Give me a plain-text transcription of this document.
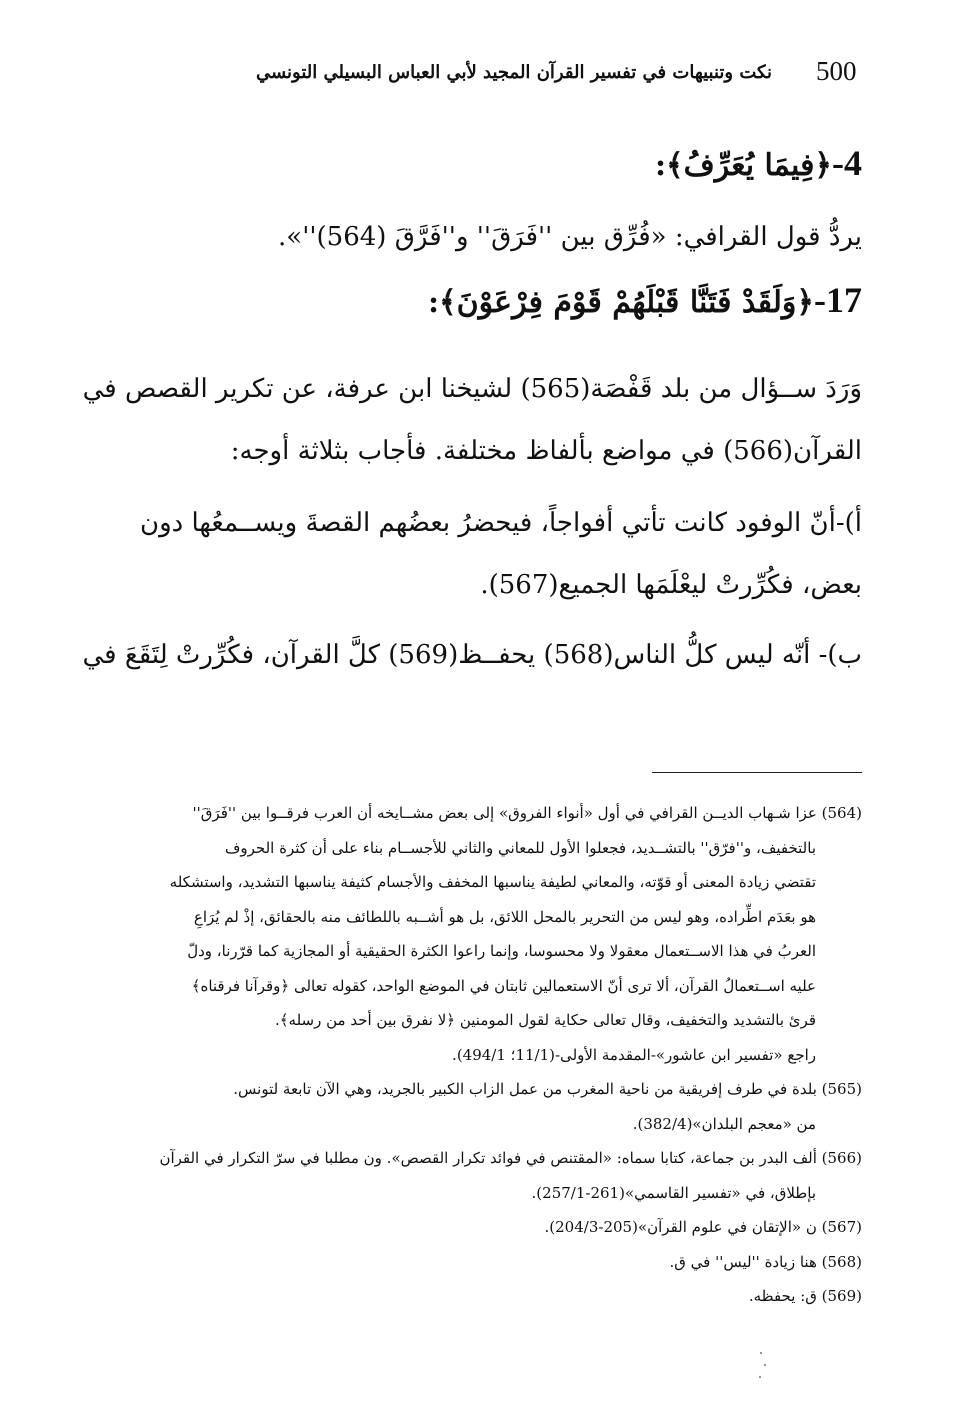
500
نكت وتنبيهات في تفسير القرآن المجيد لأبي العباس البسيلي التونسي
4-﴿فِيمَا يُعَرِّفُ﴾:
يردُّ قول القرافي: «فُرِّق بين ''فَرَقَ'' و''فَرَّقَ (564)''».
17-﴿وَلَقَدْ فَتَنَّا قَبْلَهُمْ قَوْمَ فِرْعَوْنَ﴾:
وَرَدَ ســؤال من بلد قَفْصَة(565) لشيخنا ابن عرفة، عن تكرير القصص في
القرآن(566) في مواضع بألفاظ مختلفة. فأجاب بثلاثة أوجه:
أ)-أنّ الوفود كانت تأتي أفواجاً، فيحضرُ بعضُهم القصةَ ويســمعُها دون
بعض، فكُرِّرتْ ليعْلَمَها الجميع(567).
ب)- أنّه ليس كلُّ الناس(568) يحفــظ(569) كلَّ القرآن، فكُرِّرتْ لِتَقَعَ في
(564) عزا شـهاب الديــن القرافي في أول «أنواء الفروق» إلى بعض مشــايخه أن العرب فرقــوا بين ''فَرَقَ''
بالتخفيف، و''فرّق'' بالتشــديد، فجعلوا الأول للمعاني والثاني للأجســام بناء على أن كثرة الحروف
تقتضي زيادة المعنى أو قوّته، والمعاني لطيفة يناسبها المخفف والأجسام كثيفة يناسبها التشديد، واستشكله
هو بعَدَم اطِّراده، وهو ليس من التحرير بالمحل اللائق، بل هو أشــبه باللطائف منه بالحقائق، إذْ لم يُرَاعِ
العربُ في هذا الاســتعمال معقولا ولا محسوسا، وإنما راعوا الكثرة الحقيقية أو المجازية كما قرّرنا، ودلّ
عليه اســتعمالُ القرآن، ألا ترى أنّ الاستعمالين ثابتان في الموضع الواحد، كقوله تعالى ﴿وقرآنا فرقناه﴾
قرئ بالتشديد والتخفيف، وقال تعالى حكاية لقول المومنين ﴿لا نفرق بين أحد من رسله﴾.
راجع «تفسير ابن عاشور»-المقدمة الأولى-(11/1؛ 494/1).
(565) بلدة في طرف إفريقية من ناحية المغرب من عمل الزاب الكبير بالجريد، وهي الآن تابعة لتونس.
من «معجم البلدان»(382/4).
(566) ألف البدر بن جماعة، كتابا سماه: «المقتنص في فوائد تكرار القصص». ون مطلبا في سرّ التكرار في القرآن
بإطلاق، في «تفسير القاسمي»(261-257/1).
(567) ن «الإتقان في علوم القرآن»(205-204/3).
(568) هنا زيادة ''ليس'' في ق.
(569) ق: يحفظه.
